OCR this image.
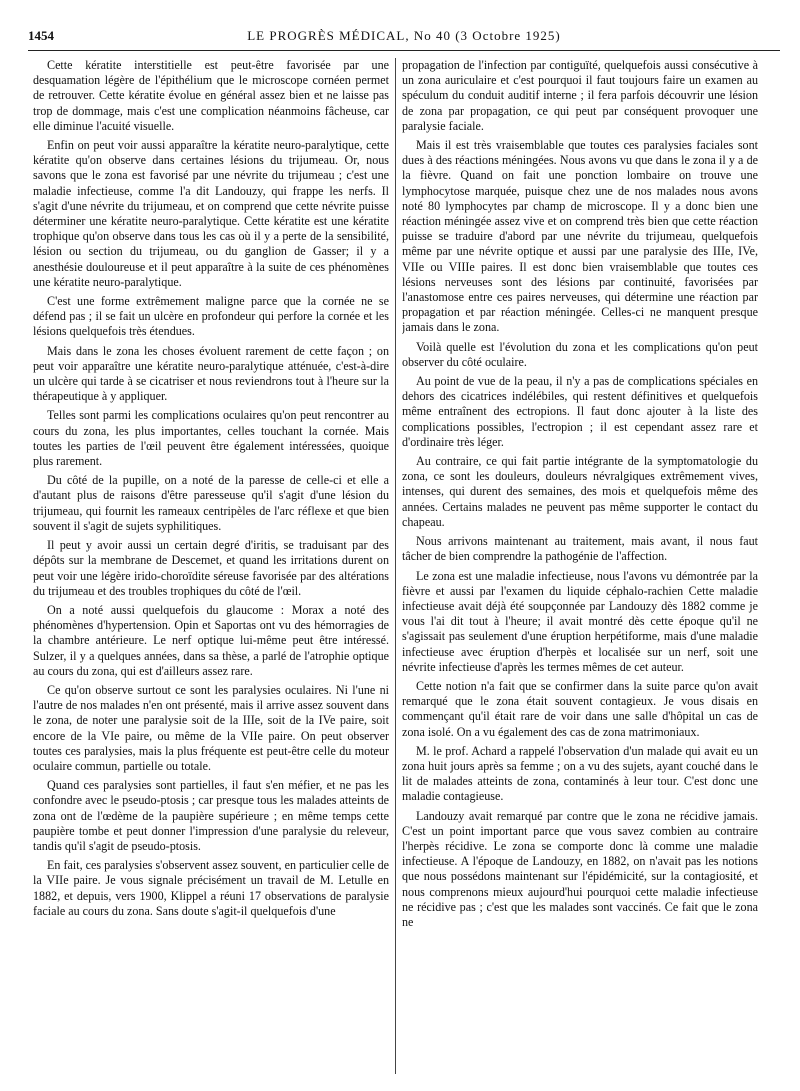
1454	LE PROGRÈS MÉDICAL, No 40 (3 Octobre 1925)

Cette kératite interstitielle est peut-être favorisée par une desquamation légère de l'épithélium que le microscope cornéen permet de retrouver. Cette kératite évolue en général assez bien et ne laisse pas trop de dommage, mais c'est une complication néanmoins fâcheuse, car elle diminue l'acuité visuelle.

Enfin on peut voir aussi apparaître la kératite neuro-paralytique, cette kératite qu'on observe dans certaines lésions du trijumeau. Or, nous savons que le zona est favorisé par une névrite du trijumeau ; c'est une maladie infectieuse, comme l'a dit Landouzy, qui frappe les nerfs. Il s'agit d'une névrite du trijumeau, et on comprend que cette névrite puisse déterminer une kératite neuro-paralytique. Cette kératite est une kératite trophique qu'on observe dans tous les cas où il y a perte de la sensibilité, lésion ou section du trijumeau, ou du ganglion de Gasser; il y a anesthésie douloureuse et il peut apparaître à la suite de ces phénomènes une kératite neuro-paralytique.

C'est une forme extrêmement maligne parce que la cornée ne se défend pas ; il se fait un ulcère en profondeur qui perfore la cornée et les lésions quelquefois très étendues.

Mais dans le zona les choses évoluent rarement de cette façon ; on peut voir apparaître une kératite neuro-paralytique atténuée, c'est-à-dire un ulcère qui tarde à se cicatriser et nous reviendrons tout à l'heure sur la thérapeutique à y appliquer.

Telles sont parmi les complications oculaires qu'on peut rencontrer au cours du zona, les plus importantes, celles touchant la cornée. Mais toutes les parties de l'œil peuvent être également intéressées, quoique plus rarement.

Du côté de la pupille, on a noté de la paresse de celle-ci et elle a d'autant plus de raisons d'être paresseuse qu'il s'agit d'une lésion du trijumeau, qui fournit les rameaux centripèles de l'arc réflexe et que bien souvent il s'agit de sujets syphilitiques.

Il peut y avoir aussi un certain degré d'iritis, se traduisant par des dépôts sur la membrane de Descemet, et quand les irritations durent on peut voir une légère irido-choroïdite séreuse favorisée par des altérations du trijumeau et des troubles trophiques du côté de l'œil.

On a noté aussi quelquefois du glaucome : Morax a noté des phénomènes d'hypertension. Opin et Saportas ont vu des hémorragies de la chambre antérieure. Le nerf optique lui-même peut être intéressé. Sulzer, il y a quelques années, dans sa thèse, a parlé de l'atrophie optique au cours du zona, qui est d'ailleurs assez rare.

Ce qu'on observe surtout ce sont les paralysies oculaires. Ni l'une ni l'autre de nos malades n'en ont présenté, mais il arrive assez souvent dans le zona, de noter une paralysie soit de la IIIe, soit de la IVe paire, soit encore de la VIe paire, ou même de la VIIe paire. On peut observer toutes ces paralysies, mais la plus fréquente est peut-être celle du moteur oculaire commun, partielle ou totale.

Quand ces paralysies sont partielles, il faut s'en méfier, et ne pas les confondre avec le pseudo-ptosis ; car presque tous les malades atteints de zona ont de l'œdème de la paupière supérieure ; en même temps cette paupière tombe et peut donner l'impression d'une paralysie du releveur, tandis qu'il s'agit de pseudo-ptosis.

En fait, ces paralysies s'observent assez souvent, en particulier celle de la VIIe paire. Je vous signale précisément un travail de M. Letulle en 1882, et depuis, vers 1900, Klippel a réuni 17 observations de paralysie faciale au cours du zona. Sans doute s'agit-il quelquefois d'une

propagation de l'infection par contiguïté, quelquefois aussi consécutive à un zona auriculaire et c'est pourquoi il faut toujours faire un examen au spéculum du conduit auditif interne ; il fera parfois découvrir une lésion de zona par propagation, ce qui peut par conséquent provoquer une paralysie faciale.

Mais il est très vraisemblable que toutes ces paralysies faciales sont dues à des réactions méningées. Nous avons vu que dans le zona il y a de la fièvre. Quand on fait une ponction lombaire on trouve une lymphocytose marquée, puisque chez une de nos malades nous avons noté 80 lymphocytes par champ de microscope. Il y a donc bien une réaction méningée assez vive et on comprend très bien que cette réaction puisse se traduire d'abord par une névrite du trijumeau, quelquefois même par une névrite optique et aussi par une paralysie des IIIe, IVe, VIIe ou VIIIe paires. Il est donc bien vraisemblable que toutes ces lésions nerveuses sont des lésions par continuité, favorisées par l'anastomose entre ces paires nerveuses, qui détermine une réaction par propagation et par réaction méningée. Celles-ci ne manquent presque jamais dans le zona.

Voilà quelle est l'évolution du zona et les complications qu'on peut observer du côté oculaire.

Au point de vue de la peau, il n'y a pas de complications spéciales en dehors des cicatrices indélébiles, qui restent définitives et quelquefois même entraînent des ectropions. Il faut donc ajouter à la liste des complications possibles, l'ectropion ; il est cependant assez rare et d'ordinaire très léger.

Au contraire, ce qui fait partie intégrante de la symptomatologie du zona, ce sont les douleurs, douleurs névralgiques extrêmement vives, intenses, qui durent des semaines, des mois et quelquefois même des années. Certains malades ne peuvent pas même supporter le contact du chapeau.

Nous arrivons maintenant au traitement, mais avant, il nous faut tâcher de bien comprendre la pathogénie de l'affection.

Le zona est une maladie infectieuse, nous l'avons vu démontrée par la fièvre et aussi par l'examen du liquide céphalo-rachien Cette maladie infectieuse avait déjà été soupçonnée par Landouzy dès 1882 comme je vous l'ai dit tout à l'heure; il avait montré dès cette époque qu'il ne s'agissait pas seulement d'une éruption herpétiforme, mais d'une maladie infectieuse avec éruption d'herpès et localisée sur un nerf, soit une névrite infectieuse d'après les termes mêmes de cet auteur.

Cette notion n'a fait que se confirmer dans la suite parce qu'on avait remarqué que le zona était souvent contagieux. Je vous disais en commençant qu'il était rare de voir dans une salle d'hôpital un cas de zona isolé. On a vu également des cas de zona matrimoniaux.

M. le prof. Achard a rappelé l'observation d'un malade qui avait eu un zona huit jours après sa femme ; on a vu des sujets, ayant couché dans le lit de malades atteints de zona, contaminés à leur tour. C'est donc une maladie contagieuse.

Landouzy avait remarqué par contre que le zona ne récidive jamais. C'est un point important parce que vous savez combien au contraire l'herpès récidive. Le zona se comporte donc là comme une maladie infectieuse. A l'époque de Landouzy, en 1882, on n'avait pas les notions que nous possédons maintenant sur l'épidémicité, sur la contagiosité, et nous comprenons mieux aujourd'hui pourquoi cette maladie infectieuse ne récidive pas ; c'est que les malades sont vaccinés. Ce fait que le zona ne
